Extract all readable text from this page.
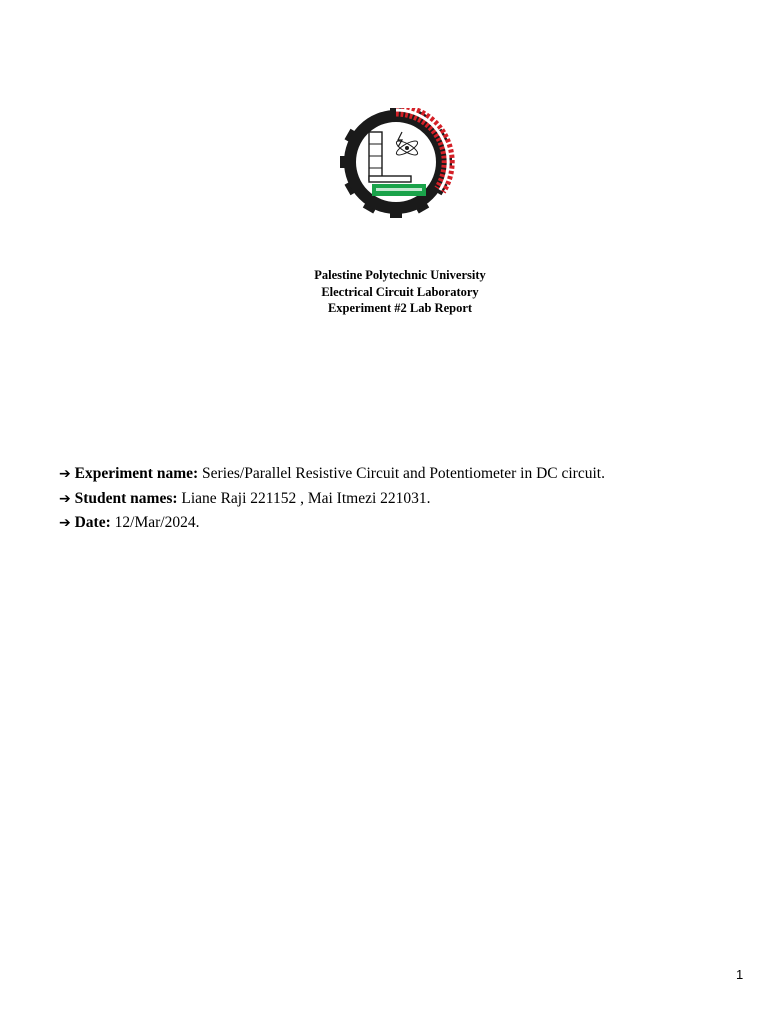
Palestine Polytechnic University
Electrical Circuit Laboratory
Experiment #2 Lab Report
➔ Experiment name: Series/Parallel Resistive Circuit and Potentiometer in DC circuit.
➔ Student names: Liane Raji 221152 , Mai Itmezi 221031.
➔ Date: 12/Mar/2024.
1
